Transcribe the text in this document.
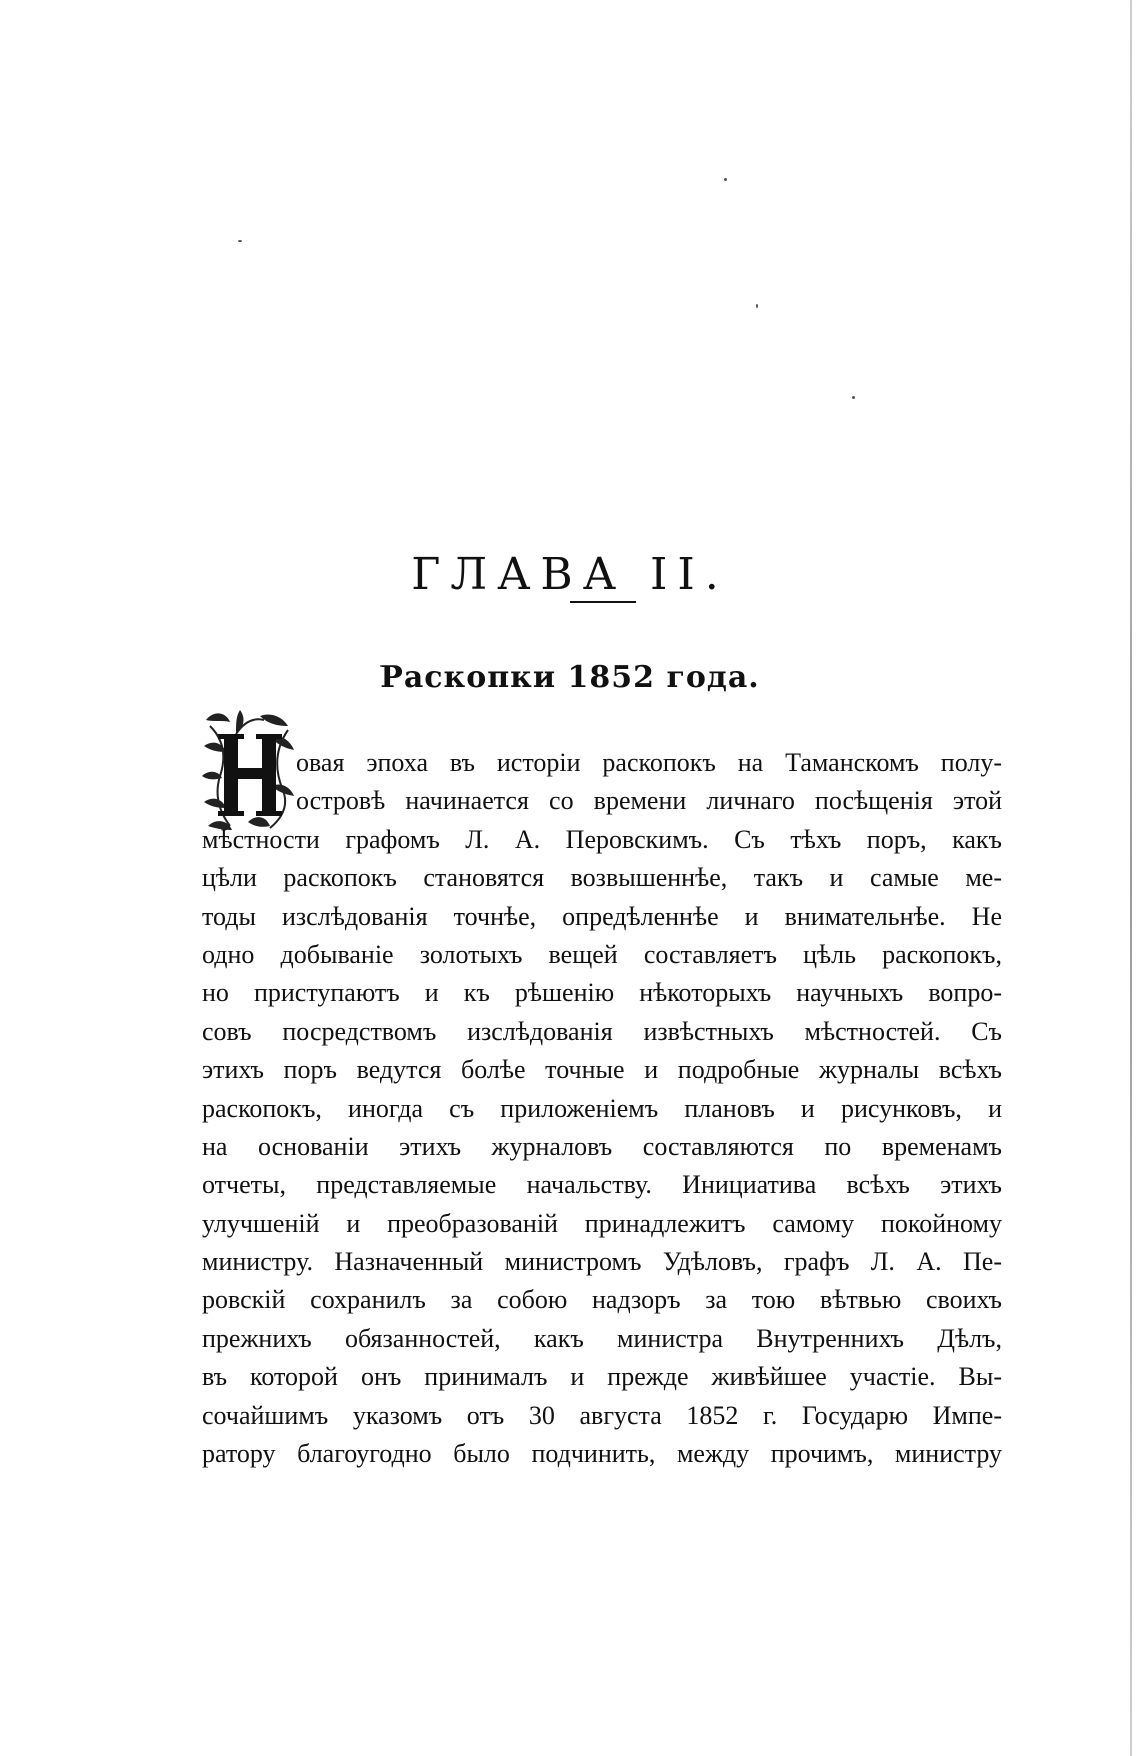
ГЛАВА II.
Раскопки 1852 года.
овая эпоха въ исторіи раскопокъ на Таманскомъ полу-
островѣ начинается со времени личнаго посѣщенія этой
мѣстности графомъ Л. А. Перовскимъ. Съ тѣхъ поръ, какъ
цѣли раскопокъ становятся возвышеннѣе, такъ и самые ме-
тоды изслѣдованія точнѣе, опредѣленнѣе и внимательнѣе. Не
одно добываніе золотыхъ вещей составляетъ цѣль раскопокъ,
но приступаютъ и къ рѣшенію нѣкоторыхъ научныхъ вопро-
совъ посредствомъ изслѣдованія извѣстныхъ мѣстностей. Съ
этихъ поръ ведутся болѣе точные и подробные журналы всѣхъ
раскопокъ, иногда съ приложеніемъ плановъ и рисунковъ, и
на основаніи этихъ журналовъ составляются по временамъ
отчеты, представляемые начальству. Инициатива всѣхъ этихъ
улучшеній и преобразованій принадлежитъ самому покойному
министру. Назначенный министромъ Удѣловъ, графъ Л. А. Пе-
ровскій сохранилъ за собою надзоръ за тою вѣтвью своихъ
прежнихъ обязанностей, какъ министра Внутреннихъ Дѣлъ,
въ которой онъ принималъ и прежде живѣйшее участіе. Вы-
сочайшимъ указомъ отъ 30 августа 1852 г. Государю Импе-
ратору благоугодно было подчинить, между прочимъ, министру
